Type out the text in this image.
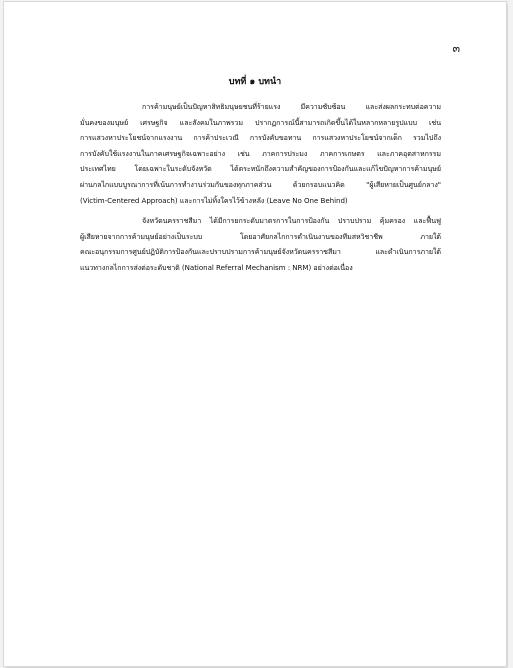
๓
บทที่ ๑ บทนำ

การค้ามนุษย์เป็นปัญหาสิทธิมนุษยชนที่ร้ายแรง มีความซับซ้อน และส่งผลกระทบต่อความ
มั่นคงของมนุษย์ เศรษฐกิจ และสังคมในภาพรวม ปรากฏการณ์นี้สามารถเกิดขึ้นได้ในหลากหลายรูปแบบ เช่น
การแสวงหาประโยชน์จากแรงงาน การค้าประเวณี การบังคับขอทาน การแสวงหาประโยชน์จากเด็ก รวมไปถึง
การบังคับใช้แรงงานในภาคเศรษฐกิจเฉพาะอย่าง เช่น ภาคการประมง ภาคการเกษตร และภาคอุตสาหกรรม
ประเทศไทย โดยเฉพาะในระดับจังหวัด ได้ตระหนักถึงความสำคัญของการป้องกันและแก้ไขปัญหาการค้ามนุษย์
ผ่านกลไกแบบบูรณาการที่เน้นการทำงานร่วมกันของทุกภาคส่วน ด้วยกรอบแนวคิด "ผู้เสียหายเป็นศูนย์กลาง"
(Victim-Centered Approach) และการไม่ทิ้งใครไว้ข้างหลัง (Leave No One Behind)

จังหวัดนครราชสีมา ได้มีการยกระดับมาตรการในการป้องกัน ปราบปราม คุ้มครอง และฟื้นฟู
ผู้เสียหายจากการค้ามนุษย์อย่างเป็นระบบ โดยอาศัยกลไกการดำเนินงานของทีมสหวิชาชีพ ภายใต้
คณะอนุกรรมการศูนย์ปฏิบัติการป้องกันและปราบปรามการค้ามนุษย์จังหวัดนครราชสีมา และดำเนินการภายใต้
แนวทางกลไกการส่งต่อระดับชาติ (National Referral Mechanism : NRM) อย่างต่อเนื่อง
